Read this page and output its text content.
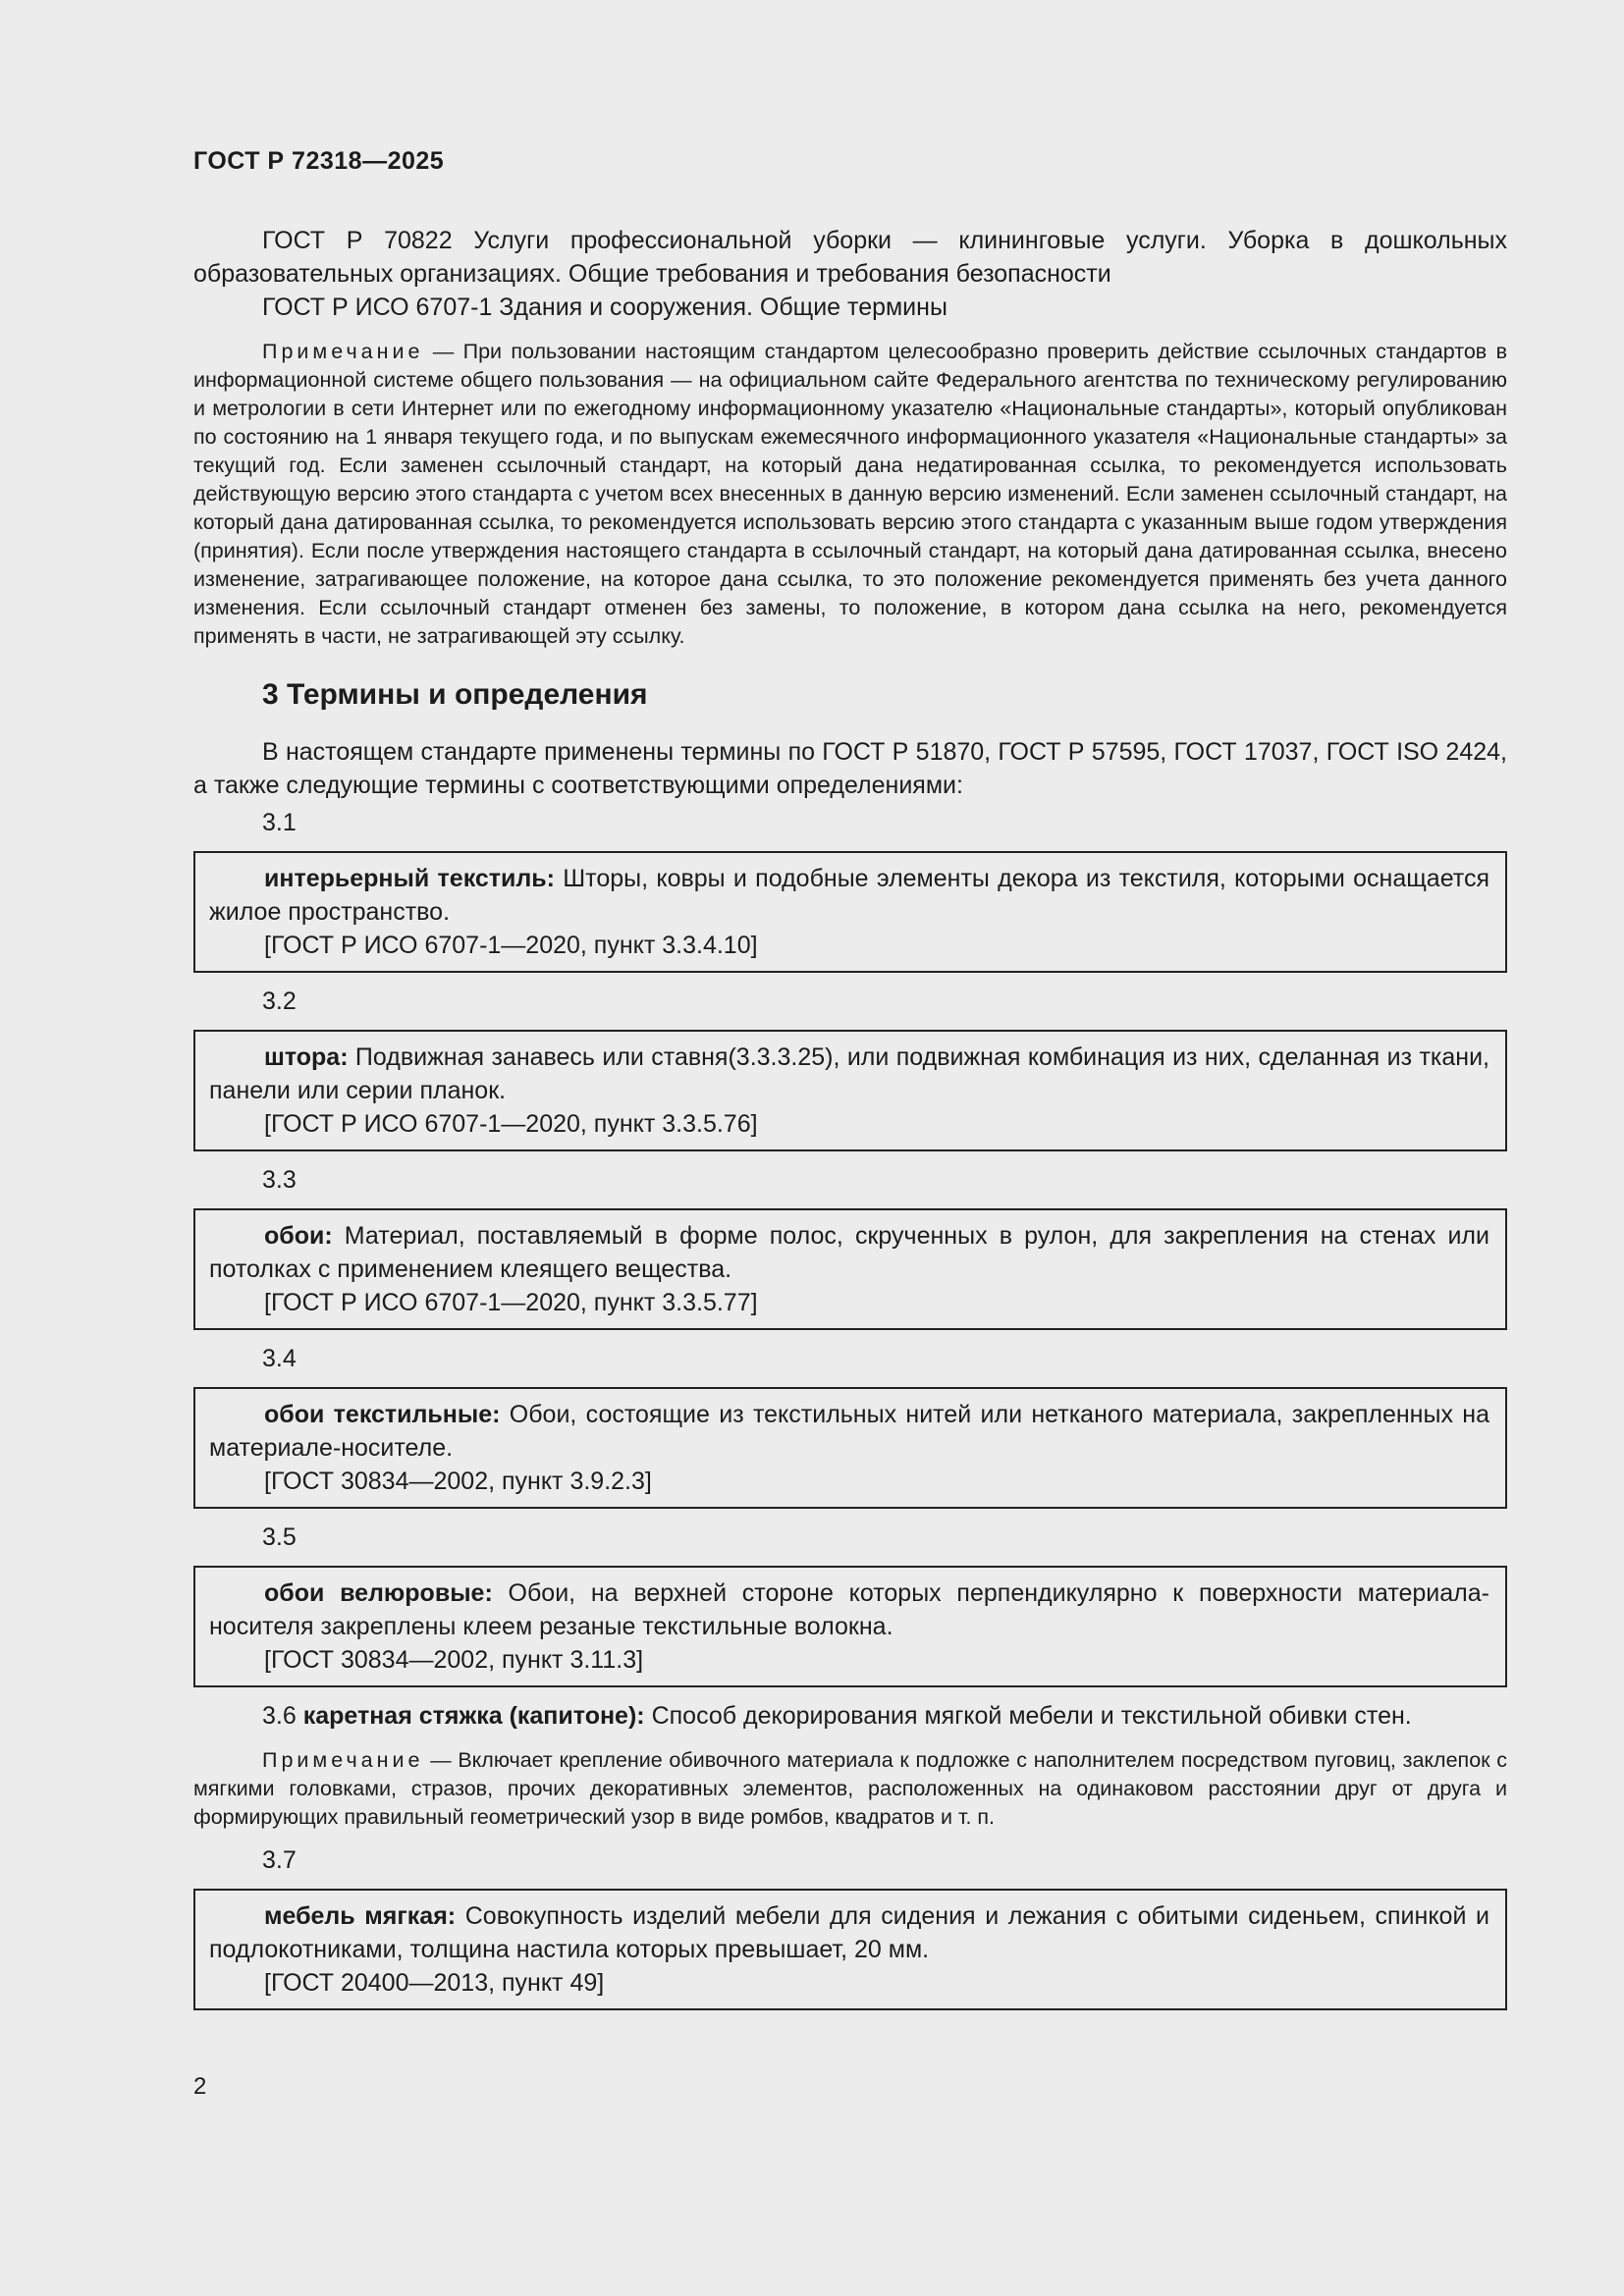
ГОСТ Р 72318—2025

ГОСТ Р 70822 Услуги профессиональной уборки — клининговые услуги. Уборка в дошкольных образовательных организациях. Общие требования и требования безопасности

ГОСТ Р ИСО 6707-1 Здания и сооружения. Общие термины

Примечание — При пользовании настоящим стандартом целесообразно проверить действие ссылочных стандартов в информационной системе общего пользования — на официальном сайте Федерального агентства по техническому регулированию и метрологии в сети Интернет или по ежегодному информационному указателю «Национальные стандарты», который опубликован по состоянию на 1 января текущего года, и по выпускам ежемесячного информационного указателя «Национальные стандарты» за текущий год. Если заменен ссылочный стандарт, на который дана недатированная ссылка, то рекомендуется использовать действующую версию этого стандарта с учетом всех внесенных в данную версию изменений. Если заменен ссылочный стандарт, на который дана датированная ссылка, то рекомендуется использовать версию этого стандарта с указанным выше годом утверждения (принятия). Если после утверждения настоящего стандарта в ссылочный стандарт, на который дана датированная ссылка, внесено изменение, затрагивающее положение, на которое дана ссылка, то это положение рекомендуется применять без учета данного изменения. Если ссылочный стандарт отменен без замены, то положение, в котором дана ссылка на него, рекомендуется применять в части, не затрагивающей эту ссылку.

3 Термины и определения

В настоящем стандарте применены термины по ГОСТ Р 51870, ГОСТ Р 57595, ГОСТ 17037, ГОСТ ISO 2424, а также следующие термины с соответствующими определениями:

3.1

интерьерный текстиль: Шторы, ковры и подобные элементы декора из текстиля, которыми оснащается жилое пространство.

[ГОСТ Р ИСО 6707-1—2020, пункт 3.3.4.10]

3.2

штора: Подвижная занавесь или ставня(3.3.3.25), или подвижная комбинация из них, сделанная из ткани, панели или серии планок.

[ГОСТ Р ИСО 6707-1—2020, пункт 3.3.5.76]

3.3

обои: Материал, поставляемый в форме полос, скрученных в рулон, для закрепления на стенах или потолках с применением клеящего вещества.

[ГОСТ Р ИСО 6707-1—2020, пункт 3.3.5.77]

3.4

обои текстильные: Обои, состоящие из текстильных нитей или нетканого материала, закрепленных на материале-носителе.

[ГОСТ 30834—2002, пункт 3.9.2.3]

3.5

обои велюровые: Обои, на верхней стороне которых перпендикулярно к поверхности материала-носителя закреплены клеем резаные текстильные волокна.

[ГОСТ 30834—2002, пункт 3.11.3]

3.6 каретная стяжка (капитоне): Способ декорирования мягкой мебели и текстильной обивки стен.

Примечание — Включает крепление обивочного материала к подложке с наполнителем посредством пуговиц, заклепок с мягкими головками, стразов, прочих декоративных элементов, расположенных на одинаковом расстоянии друг от друга и формирующих правильный геометрический узор в виде ромбов, квадратов и т. п.

3.7

мебель мягкая: Совокупность изделий мебели для сидения и лежания с обитыми сиденьем, спинкой и подлокотниками, толщина настила которых превышает, 20 мм.

[ГОСТ 20400—2013, пункт 49]

2
